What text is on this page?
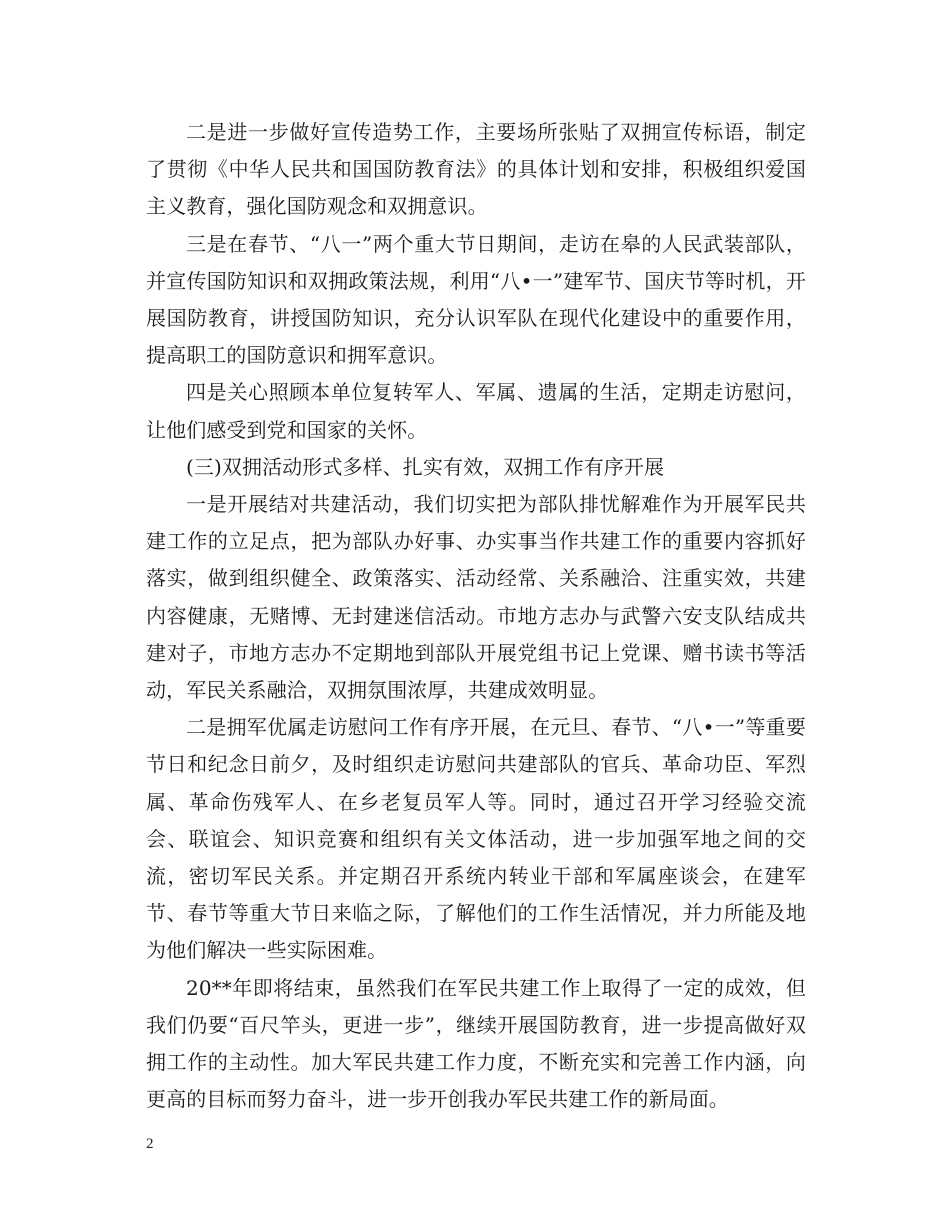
二是进一步做好宣传造势工作，主要场所张贴了双拥宣传标语，制定了贯彻《中华人民共和国国防教育法》的具体计划和安排，积极组织爱国主义教育，强化国防观念和双拥意识。

三是在春节、“八一”两个重大节日期间，走访在皋的人民武装部队，并宣传国防知识和双拥政策法规，利用“八•一”建军节、国庆节等时机，开展国防教育，讲授国防知识，充分认识军队在现代化建设中的重要作用，提高职工的国防意识和拥军意识。

四是关心照顾本单位复转军人、军属、遗属的生活，定期走访慰问，让他们感受到党和国家的关怀。

(三)双拥活动形式多样、扎实有效，双拥工作有序开展

一是开展结对共建活动，我们切实把为部队排忧解难作为开展军民共建工作的立足点，把为部队办好事、办实事当作共建工作的重要内容抓好落实，做到组织健全、政策落实、活动经常、关系融洽、注重实效，共建内容健康，无赌博、无封建迷信活动。市地方志办与武警六安支队结成共建对子，市地方志办不定期地到部队开展党组书记上党课、赠书读书等活动，军民关系融洽，双拥氛围浓厚，共建成效明显。

二是拥军优属走访慰问工作有序开展，在元旦、春节、“八•一”等重要节日和纪念日前夕，及时组织走访慰问共建部队的官兵、革命功臣、军烈属、革命伤残军人、在乡老复员军人等。同时，通过召开学习经验交流会、联谊会、知识竞赛和组织有关文体活动，进一步加强军地之间的交流，密切军民关系。并定期召开系统内转业干部和军属座谈会，在建军节、春节等重大节日来临之际，了解他们的工作生活情况，并力所能及地为他们解决一些实际困难。

20**年即将结束，虽然我们在军民共建工作上取得了一定的成效，但我们仍要“百尺竿头，更进一步”，继续开展国防教育，进一步提高做好双拥工作的主动性。加大军民共建工作力度，不断充实和完善工作内涵，向更高的目标而努力奋斗，进一步开创我办军民共建工作的新局面。

2
